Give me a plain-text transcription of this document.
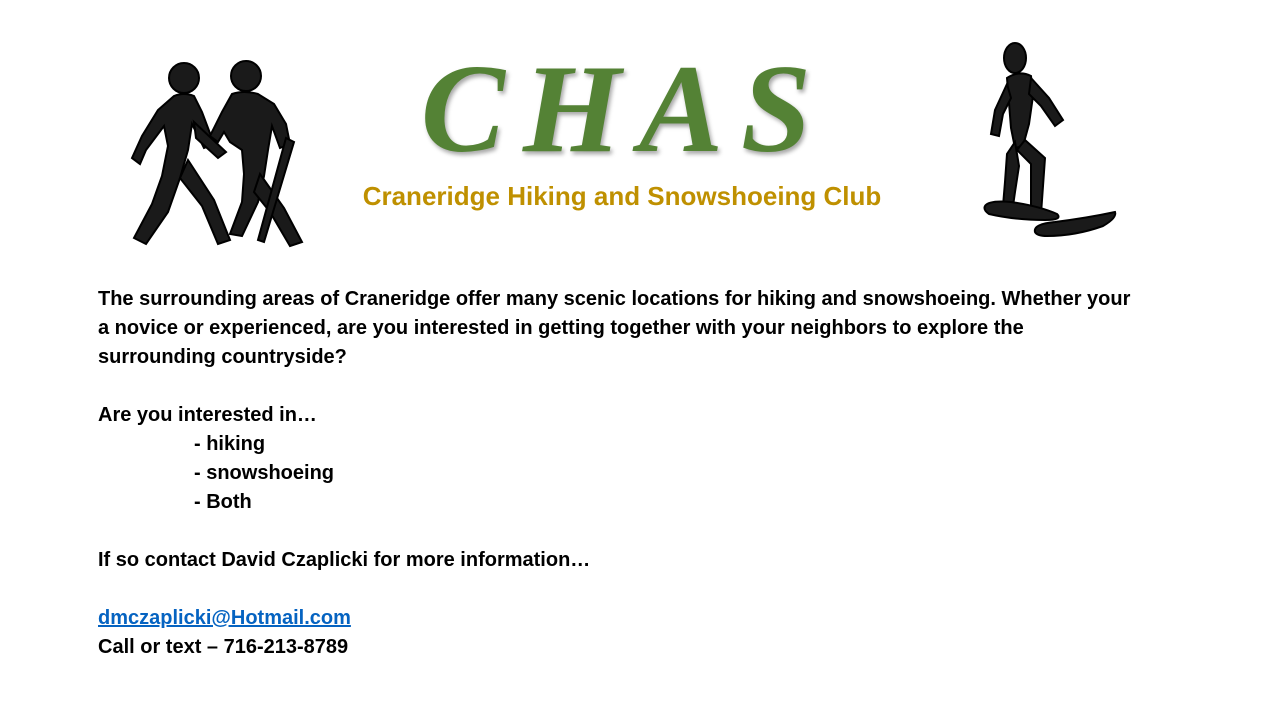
CHAS
Craneridge Hiking and Snowshoeing Club

The surrounding areas of Craneridge offer many scenic locations for hiking and snowshoeing. Whether your

a novice or experienced, are you interested in getting together with your neighbors to explore the

surrounding countryside?

Are you interested in…

- hiking

- snowshoeing

- Both

If so contact David Czaplicki for more information…

dmczaplicki@Hotmail.com

Call or text – 716-213-8789
